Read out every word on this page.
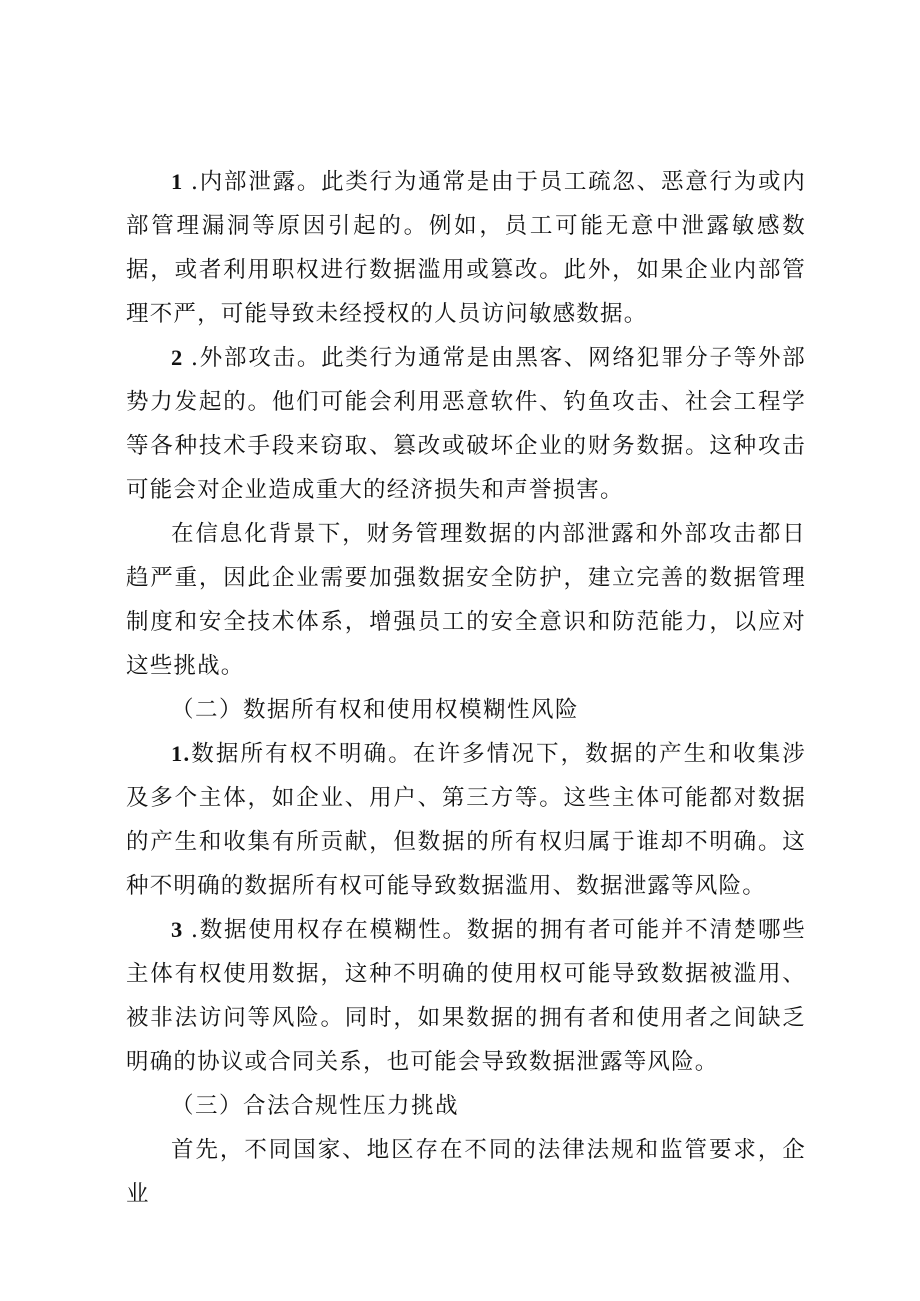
1 .内部泄露。此类行为通常是由于员工疏忽、恶意行为或内部管理漏洞等原因引起的。例如，员工可能无意中泄露敏感数据，或者利用职权进行数据滥用或篡改。此外，如果企业内部管理不严，可能导致未经授权的人员访问敏感数据。

2 .外部攻击。此类行为通常是由黑客、网络犯罪分子等外部势力发起的。他们可能会利用恶意软件、钓鱼攻击、社会工程学等各种技术手段来窃取、篡改或破坏企业的财务数据。这种攻击可能会对企业造成重大的经济损失和声誉损害。

在信息化背景下，财务管理数据的内部泄露和外部攻击都日趋严重，因此企业需要加强数据安全防护，建立完善的数据管理制度和安全技术体系，增强员工的安全意识和防范能力，以应对这些挑战。

（二）数据所有权和使用权模糊性风险

1.数据所有权不明确。在许多情况下，数据的产生和收集涉及多个主体，如企业、用户、第三方等。这些主体可能都对数据的产生和收集有所贡献，但数据的所有权归属于谁却不明确。这种不明确的数据所有权可能导致数据滥用、数据泄露等风险。

3 .数据使用权存在模糊性。数据的拥有者可能并不清楚哪些主体有权使用数据，这种不明确的使用权可能导致数据被滥用、被非法访问等风险。同时，如果数据的拥有者和使用者之间缺乏明确的协议或合同关系，也可能会导致数据泄露等风险。

（三）合法合规性压力挑战

首先，不同国家、地区存在不同的法律法规和监管要求，企业
